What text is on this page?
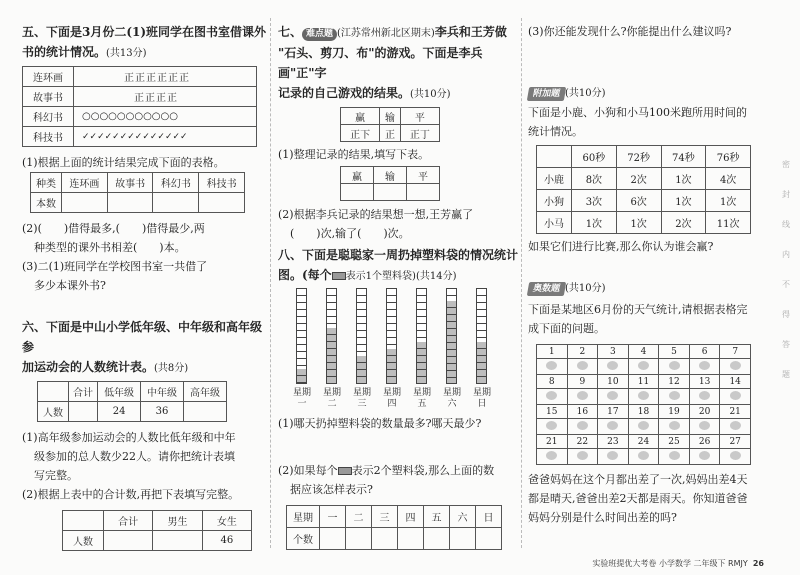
五、下面是3月份二(1)班同学在图书室借课外

书的统计情况。(共13分)

连环画	正正正正正正
故事书	正正正正
科幻书	○○○○○○○○○○○
科技书	✓✓✓✓✓✓✓✓✓✓✓✓✓✓

(1)根据上面的统计结果完成下面的表格。

种类	连环画	故事书	科幻书	科技书
本数				

(2)(　　)借得最多,(　　)借得最少,两

种类型的课外书相差(　　)本。

(3)二(1)班同学在学校图书室一共借了

多少本课外书?

六、下面是中山小学低年级、中年级和高年级参

加运动会的人数统计表。(共8分)

	合计	低年级	中年级	高年级
人数		24	36	

(1)高年级参加运动会的人数比低年级和中年

级参加的总人数少22人。请你把统计表填

写完整。

(2)根据上表中的合计数,再把下表填写完整。

	合计	男生	女生
人数			46

七、 难点题 (江苏常州新北区期末)李兵和王芳做

"石头、剪刀、布"的游戏。下面是李兵画"正"字

记录的自己游戏的结果。(共10分)

赢	输	平
正下	正	正丁

(1)整理记录的结果,填写下表。

赢	输	平

(2)根据李兵记录的结果想一想,王芳赢了

(　　)次,输了(　　)次。

八、下面是聪聪家一周扔掉塑料袋的情况统计

图。(每个 表示1个塑料袋)(共14分)

星期一
星期二
星期三
星期四
星期五
星期六
星期日

(1)哪天扔掉塑料袋的数量最多?哪天最少?

(2)如果每个 表示2个塑料袋,那么上面的数

据应该怎样表示?

星期	一	二	三	四	五	六	日
个数							

(3)你还能发现什么?你能提出什么建议吗?

附加题 (共10分)

下面是小鹿、小狗和小马100米跑所用时间的

统计情况。

	60秒	72秒	74秒	76秒
小鹿	8次	2次	1次	4次
小狗	3次	6次	1次	1次
小马	1次	1次	2次	11次

如果它们进行比赛,那么你认为谁会赢?

奥数题 (共10分)

下面是某地区6月份的天气统计,请根据表格完

成下面的问题。

1	2	3	4	5	6	7

8	9	10	11	12	13	14

15	16	17	18	19	20	21

21	22	23	24	25	26	27

爸爸妈妈在这个月都出差了一次,妈妈出差4天

都是晴天,爸爸出差2天都是雨天。你知道爸爸

妈妈分别是什么时间出差的吗?

密封线内不得答题
实验班提优大考卷 小学数学 二年级下 RMJY 26
